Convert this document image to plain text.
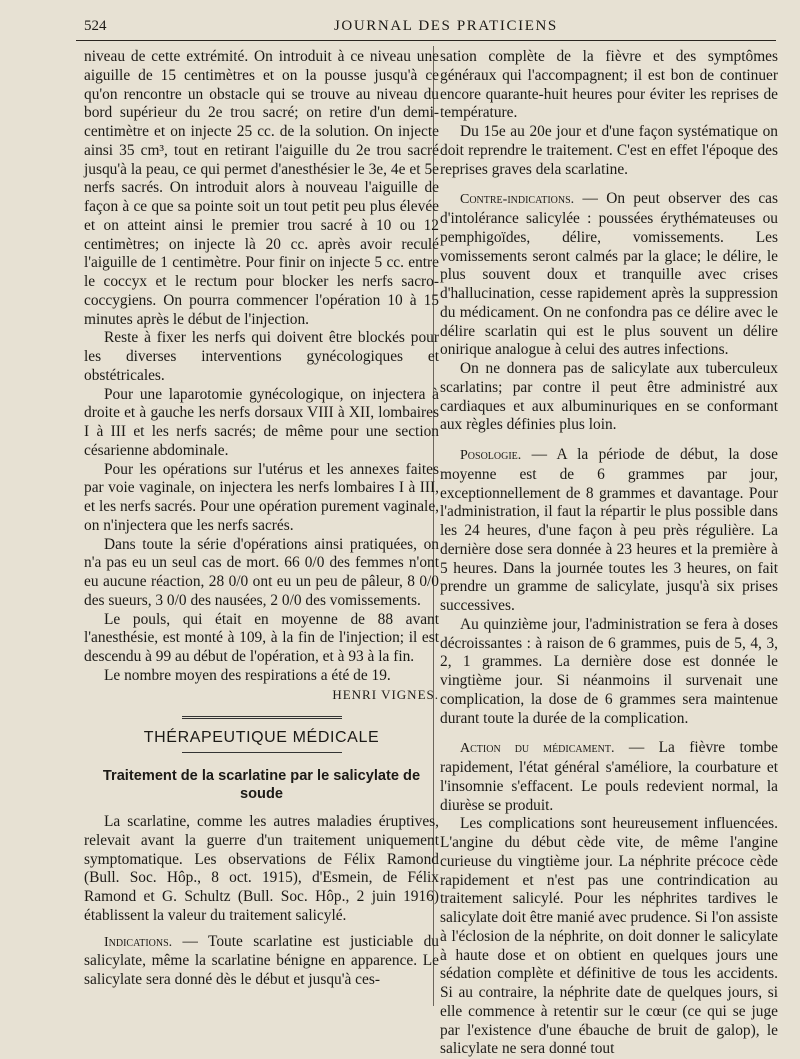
524	JOURNAL DES PRATICIENS

niveau de cette extrémité. On introduit à ce niveau une aiguille de 15 centimètres et on la pousse jusqu'à ce qu'on rencontre un obstacle qui se trouve au niveau du bord supérieur du 2e trou sacré; on retire d'un demi-centimètre et on injecte 25 cc. de la solution. On injecte ainsi 35 cm³, tout en retirant l'aiguille du 2e trou sacré jusqu'à la peau, ce qui permet d'anesthésier le 3e, 4e et 5e nerfs sacrés. On introduit alors à nouveau l'aiguille de façon à ce que sa pointe soit un tout petit peu plus élevée et on atteint ainsi le premier trou sacré à 10 ou 12 centimètres; on injecte là 20 cc. après avoir reculé l'aiguille de 1 centimètre. Pour finir on injecte 5 cc. entre le coccyx et le rectum pour blocker les nerfs sacro-coccygiens. On pourra commencer l'opération 10 à 15 minutes après le début de l'injection.

Reste à fixer les nerfs qui doivent être blockés pour les diverses interventions gynécologiques et obstétricales.

Pour une laparotomie gynécologique, on injectera à droite et à gauche les nerfs dorsaux VIII à XII, lombaires I à III et les nerfs sacrés; de même pour une section césarienne abdominale.

Pour les opérations sur l'utérus et les annexes faites par voie vaginale, on injectera les nerfs lombaires I à III, et les nerfs sacrés. Pour une opération purement vaginale, on n'injectera que les nerfs sacrés.

Dans toute la série d'opérations ainsi pratiquées, on n'a pas eu un seul cas de mort. 66 0/0 des femmes n'ont eu aucune réaction, 28 0/0 ont eu un peu de pâleur, 8 0/0 des sueurs, 3 0/0 des nausées, 2 0/0 des vomissements.

Le pouls, qui était en moyenne de 88 avant l'anesthésie, est monté à 109, à la fin de l'injection; il est descendu à 99 au début de l'opération, et à 93 à la fin.

Le nombre moyen des respirations a été de 19.

HENRI VIGNES.

THÉRAPEUTIQUE MÉDICALE
Traitement de la scarlatine par le salicylate de soude

La scarlatine, comme les autres maladies éruptives, relevait avant la guerre d'un traitement uniquement symptomatique. Les observations de Félix Ramond (Bull. Soc. Hôp., 8 oct. 1915), d'Esmein, de Félix Ramond et G. Schultz (Bull. Soc. Hôp., 2 juin 1916) établissent la valeur du traitement salicylé.

Indications. — Toute scarlatine est justiciable du salicylate, même la scarlatine bénigne en apparence. Le salicylate sera donné dès le début et jusqu'à ces-

sation complète de la fièvre et des symptômes généraux qui l'accompagnent; il est bon de continuer encore quarante-huit heures pour éviter les reprises de température.

Du 15e au 20e jour et d'une façon systématique on doit reprendre le traitement. C'est en effet l'époque des reprises graves dela scarlatine.

Contre-indications. — On peut observer des cas d'intolérance salicylée : poussées érythémateuses ou pemphigoïdes, délire, vomissements. Les vomissements seront calmés par la glace; le délire, le plus souvent doux et tranquille avec crises d'hallucination, cesse rapidement après la suppression du médicament. On ne confondra pas ce délire avec le délire scarlatin qui est le plus souvent un délire onirique analogue à celui des autres infections.

On ne donnera pas de salicylate aux tuberculeux scarlatins; par contre il peut être administré aux cardiaques et aux albuminuriques en se conformant aux règles définies plus loin.

Posologie. — A la période de début, la dose moyenne est de 6 grammes par jour, exceptionnellement de 8 grammes et davantage. Pour l'administration, il faut la répartir le plus possible dans les 24 heures, d'une façon à peu près régulière. La dernière dose sera donnée à 23 heures et la première à 5 heures. Dans la journée toutes les 3 heures, on fait prendre un gramme de salicylate, jusqu'à six prises successives.

Au quinzième jour, l'administration se fera à doses décroissantes : à raison de 6 grammes, puis de 5, 4, 3, 2, 1 grammes. La dernière dose est donnée le vingtième jour. Si néanmoins il survenait une complication, la dose de 6 grammes sera maintenue durant toute la durée de la complication.

Action du médicament. — La fièvre tombe rapidement, l'état général s'améliore, la courbature et l'insomnie s'effacent. Le pouls redevient normal, la diurèse se produit.

Les complications sont heureusement influencées. L'angine du début cède vite, de même l'angine curieuse du vingtième jour. La néphrite précoce cède rapidement et n'est pas une contrindication au traitement salicylé. Pour les néphrites tardives le salicylate doit être manié avec prudence. Si l'on assiste à l'éclosion de la néphrite, on doit donner le salicylate à haute dose et on obtient en quelques jours une sédation complète et définitive de tous les accidents. Si au contraire, la néphrite date de quelques jours, si elle commence à retentir sur le cœur (ce qui se juge par l'existence d'une ébauche de bruit de galop), le salicylate ne sera donné tout
